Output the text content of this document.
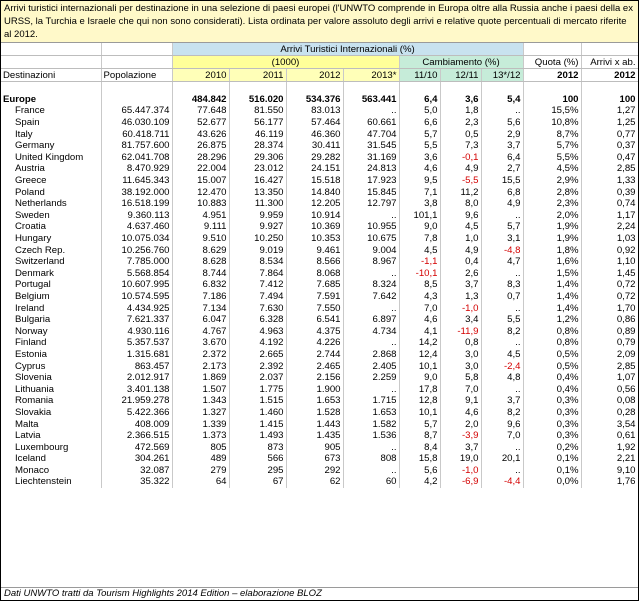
Arrivi turistici internazionali per destinazione in una selezione di paesi europei (l'UNWTO comprende in Europa oltre alla Russia anche i paesi della ex URSS, la Turchia e Israele che qui non sono considerati). Lista ordinata per valore assoluto degli arrivi e relative quote percentuali di mercato riferite al 2012.
		Arrivi Turistici Internazionali (%)								
		(1000)				Cambiamento (%)			Quota (%)	Arrivi x ab.
Destinazioni	Popolazione	2010	2011	2012	2013*	11/10	12/11	13*/12	2012	2012

Europe		484.842	516.020	534.376	563.441	6,4	3,6	5,4	100	100
France	65.447.374	77.648	81.550	83.013	..	5,0	1,8	..	15,5%	1,27
Spain	46.030.109	52.677	56.177	57.464	60.661	6,6	2,3	5,6	10,8%	1,25
Italy	60.418.711	43.626	46.119	46.360	47.704	5,7	0,5	2,9	8,7%	0,77
Germany	81.757.600	26.875	28.374	30.411	31.545	5,5	7,3	3,7	5,7%	0,37
United Kingdom	62.041.708	28.296	29.306	29.282	31.169	3,6	-0,1	6,4	5,5%	0,47
Austria	8.470.929	22.004	23.012	24.151	24.813	4,6	4,9	2,7	4,5%	2,85
Greece	11.645.343	15.007	16.427	15.518	17.923	9,5	-5,5	15,5	2,9%	1,33
Poland	38.192.000	12.470	13.350	14.840	15.845	7,1	11,2	6,8	2,8%	0,39
Netherlands	16.518.199	10.883	11.300	12.205	12.797	3,8	8,0	4,9	2,3%	0,74
Sweden	9.360.113	4.951	9.959	10.914	..	101,1	9,6	..	2,0%	1,17
Croatia	4.637.460	9.111	9.927	10.369	10.955	9,0	4,5	5,7	1,9%	2,24
Hungary	10.075.034	9.510	10.250	10.353	10.675	7,8	1,0	3,1	1,9%	1,03
Czech Rep.	10.256.760	8.629	9.019	9.461	9.004	4,5	4,9	-4,8	1,8%	0,92
Switzerland	7.785.000	8.628	8.534	8.566	8.967	-1,1	0,4	4,7	1,6%	1,10
Denmark	5.568.854	8.744	7.864	8.068	..	-10,1	2,6	..	1,5%	1,45
Portugal	10.607.995	6.832	7.412	7.685	8.324	8,5	3,7	8,3	1,4%	0,72
Belgium	10.574.595	7.186	7.494	7.591	7.642	4,3	1,3	0,7	1,4%	0,72
Ireland	4.434.925	7.134	7.630	7.550	..	7,0	-1,0	..	1,4%	1,70
Bulgaria	7.621.337	6.047	6.328	6.541	6.897	4,6	3,4	5,5	1,2%	0,86
Norway	4.930.116	4.767	4.963	4.375	4.734	4,1	-11,9	8,2	0,8%	0,89
Finland	5.357.537	3.670	4.192	4.226	..	14,2	0,8	..	0,8%	0,79
Estonia	1.315.681	2.372	2.665	2.744	2.868	12,4	3,0	4,5	0,5%	2,09
Cyprus	863.457	2.173	2.392	2.465	2.405	10,1	3,0	-2,4	0,5%	2,85
Slovenia	2.012.917	1.869	2.037	2.156	2.259	9,0	5,8	4,8	0,4%	1,07
Lithuania	3.401.138	1.507	1.775	1.900	..	17,8	7,0	..	0,4%	0,56
Romania	21.959.278	1.343	1.515	1.653	1.715	12,8	9,1	3,7	0,3%	0,08
Slovakia	5.422.366	1.327	1.460	1.528	1.653	10,1	4,6	8,2	0,3%	0,28
Malta	408.009	1.339	1.415	1.443	1.582	5,7	2,0	9,6	0,3%	3,54
Latvia	2.366.515	1.373	1.493	1.435	1.536	8,7	-3,9	7,0	0,3%	0,61
Luxembourg	472.569	805	873	905	..	8,4	3,7	..	0,2%	1,92
Iceland	304.261	489	566	673	808	15,8	19,0	20,1	0,1%	2,21
Monaco	32.087	279	295	292	..	5,6	-1,0	..	0,1%	9,10
Liechtenstein	35.322	64	67	62	60	4,2	-6,9	-4,4	0,0%	1,76
Dati UNWTO tratti da Tourism Highlights 2014 Edition – elaborazione BLOZ
